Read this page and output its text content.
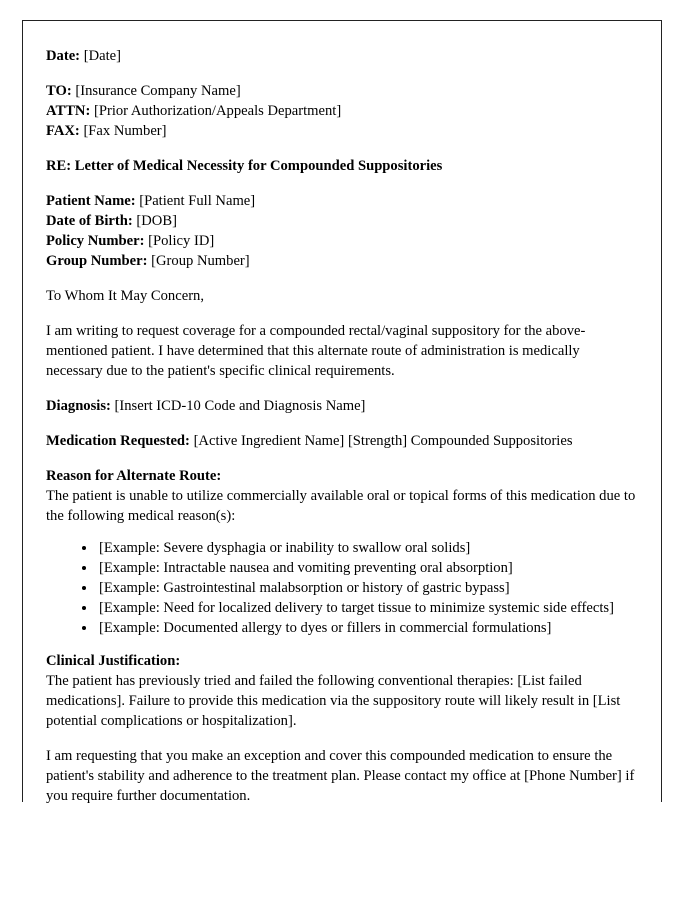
Date: [Date]

TO: [Insurance Company Name]

ATTN: [Prior Authorization/Appeals Department]

FAX: [Fax Number]

RE: Letter of Medical Necessity for Compounded Suppositories

Patient Name: [Patient Full Name]

Date of Birth: [DOB]

Policy Number: [Policy ID]

Group Number: [Group Number]

To Whom It May Concern,

I am writing to request coverage for a compounded rectal/vaginal suppository for the above-mentioned patient. I have determined that this alternate route of administration is medically necessary due to the patient's specific clinical requirements.

Diagnosis: [Insert ICD-10 Code and Diagnosis Name]

Medication Requested: [Active Ingredient Name] [Strength] Compounded Suppositories

Reason for Alternate Route:

The patient is unable to utilize commercially available oral or topical forms of this medication due to the following medical reason(s):

• [Example: Severe dysphagia or inability to swallow oral solids]
• [Example: Intractable nausea and vomiting preventing oral absorption]
• [Example: Gastrointestinal malabsorption or history of gastric bypass]
• [Example: Need for localized delivery to target tissue to minimize systemic side effects]
• [Example: Documented allergy to dyes or fillers in commercial formulations]

Clinical Justification:

The patient has previously tried and failed the following conventional therapies: [List failed medications]. Failure to provide this medication via the suppository route will likely result in [List potential complications or hospitalization].

I am requesting that you make an exception and cover this compounded medication to ensure the patient's stability and adherence to the treatment plan. Please contact my office at [Phone Number] if you require further documentation.
